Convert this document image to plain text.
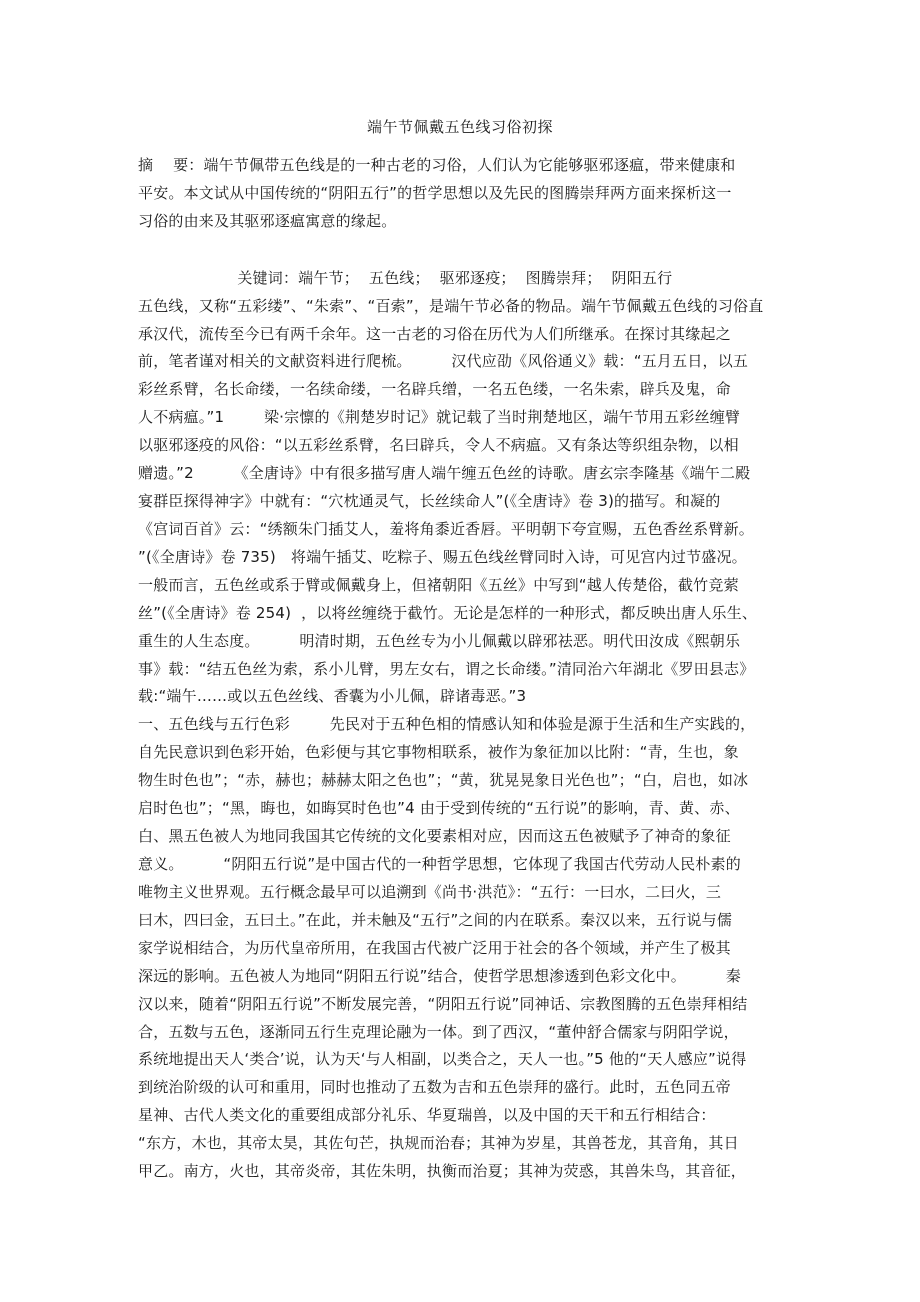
端午节佩戴五色线习俗初探
摘    要：端午节佩带五色线是的一种古老的习俗，人们认为它能够驱邪逐瘟，带来健康和
平安。本文试从中国传统的“阴阳五行”的哲学思想以及先民的图腾崇拜两方面来探析这一
习俗的由来及其驱邪逐瘟寓意的缘起。
关键词：端午节；  五色线；  驱邪逐疫；  图腾崇拜；  阴阳五行
五色线，又称“五彩缕”、“朱索”、“百索”，是端午节必备的物品。端午节佩戴五色线的习俗直
承汉代，流传至今已有两千余年。这一古老的习俗在历代为人们所继承。在探讨其缘起之
前，笔者谨对相关的文献资料进行爬梳。        汉代应劭《风俗通义》载：“五月五日，以五
彩丝系臂，名长命缕，一名续命缕，一名辟兵缯，一名五色缕，一名朱索，辟兵及鬼，命
人不病瘟。”1        梁·宗懔的《荆楚岁时记》就记载了当时荆楚地区，端午节用五彩丝缠臂
以驱邪逐疫的风俗：“以五彩丝系臂，名曰辟兵，令人不病瘟。又有条达等织组杂物，以相
赠遗。”2        《全唐诗》中有很多描写唐人端午缠五色丝的诗歌。唐玄宗李隆基《端午二殿
宴群臣探得神字》中就有：“穴枕通灵气，长丝续命人”(《全唐诗》卷 3)的描写。和凝的
《宫词百首》云：“绣额朱门插艾人，羞将角黍近香唇。平明朝下夸宣赐，五色香丝系臂新。
”(《全唐诗》卷 735)   将端午插艾、吃粽子、赐五色线丝臂同时入诗，可见宫内过节盛况。
一般而言，五色丝或系于臂或佩戴身上，但褚朝阳《五丝》中写到“越人传楚俗，截竹竞萦
丝”(《全唐诗》卷 254)  ，以将丝缠绕于截竹。无论是怎样的一种形式，都反映出唐人乐生、
重生的人生态度。        明清时期，五色丝专为小儿佩戴以辟邪祛恶。明代田汝成《熙朝乐
事》载：“结五色丝为索，系小儿臂，男左女右，谓之长命缕。”清同治六年湖北《罗田县志》
载:“端午……或以五色丝线、香囊为小儿佩，辟诸毒恶。”3
一、五色线与五行色彩        先民对于五种色相的情感认知和体验是源于生活和生产实践的，
自先民意识到色彩开始，色彩便与其它事物相联系，被作为象征加以比附：“青，生也，象
物生时色也”；“赤，赫也；赫赫太阳之色也”；“黄，犹晃晃象日光色也”；“白，启也，如冰
启时色也”；“黑，晦也，如晦冥时色也”4 由于受到传统的“五行说”的影响，青、黄、赤、
白、黑五色被人为地同我国其它传统的文化要素相对应，因而这五色被赋予了神奇的象征
意义。        “阴阳五行说”是中国古代的一种哲学思想，它体现了我国古代劳动人民朴素的
唯物主义世界观。五行概念最早可以追溯到《尚书·洪范》：“五行：一曰水，二曰火，三
曰木，四曰金，五曰土。”在此，并未触及“五行”之间的内在联系。秦汉以来，五行说与儒
家学说相结合，为历代皇帝所用，在我国古代被广泛用于社会的各个领域，并产生了极其
深远的影响。五色被人为地同“阴阳五行说”结合，使哲学思想渗透到色彩文化中。        秦
汉以来，随着“阴阳五行说”不断发展完善，“阴阳五行说”同神话、宗教图腾的五色崇拜相结
合，五数与五色，逐渐同五行生克理论融为一体。到了西汉，“董仲舒合儒家与阴阳学说，
系统地提出天人‘类合’说，认为天‘与人相副，以类合之，天人一也。”5 他的“天人感应”说得
到统治阶级的认可和重用，同时也推动了五数为吉和五色崇拜的盛行。此时，五色同五帝
星神、古代人类文化的重要组成部分礼乐、华夏瑞兽，以及中国的天干和五行相结合：
“东方，木也，其帝太昊，其佐句芒，执规而治春；其神为岁星，其兽苍龙，其音角，其日
甲乙。南方，火也，其帝炎帝，其佐朱明，执衡而治夏；其神为荧惑，其兽朱鸟，其音征，
